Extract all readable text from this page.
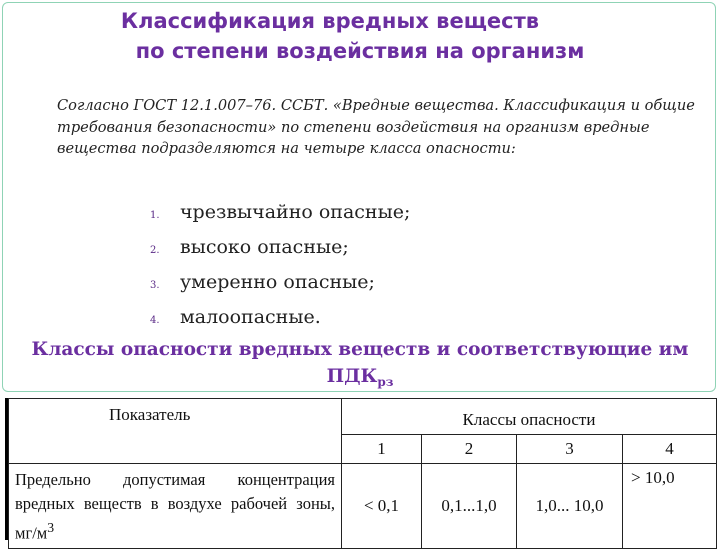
Классификация вредных веществ
по степени воздействия на организм
Согласно ГОСТ 12.1.007–76. ССБТ. «Вредные вещества. Классификация и общие требования безопасности» по степени воздействия на организм вредные вещества подразделяются на четыре класса опасности:
1. чрезвычайно опасные;
2. высоко опасные;
3. умеренно опасные;
4. малоопасные.
Классы опасности вредных веществ и соответствующие им
$ПДК_{рз}$
Показатель	Классы опасности			
	1	2	3	4
Предельно допустимая концентрация вредных веществ в воздухе рабочей зоны, $мг/м^3$	< 0,1	0,1...1,0	1,0... 10,0	> 10,0
